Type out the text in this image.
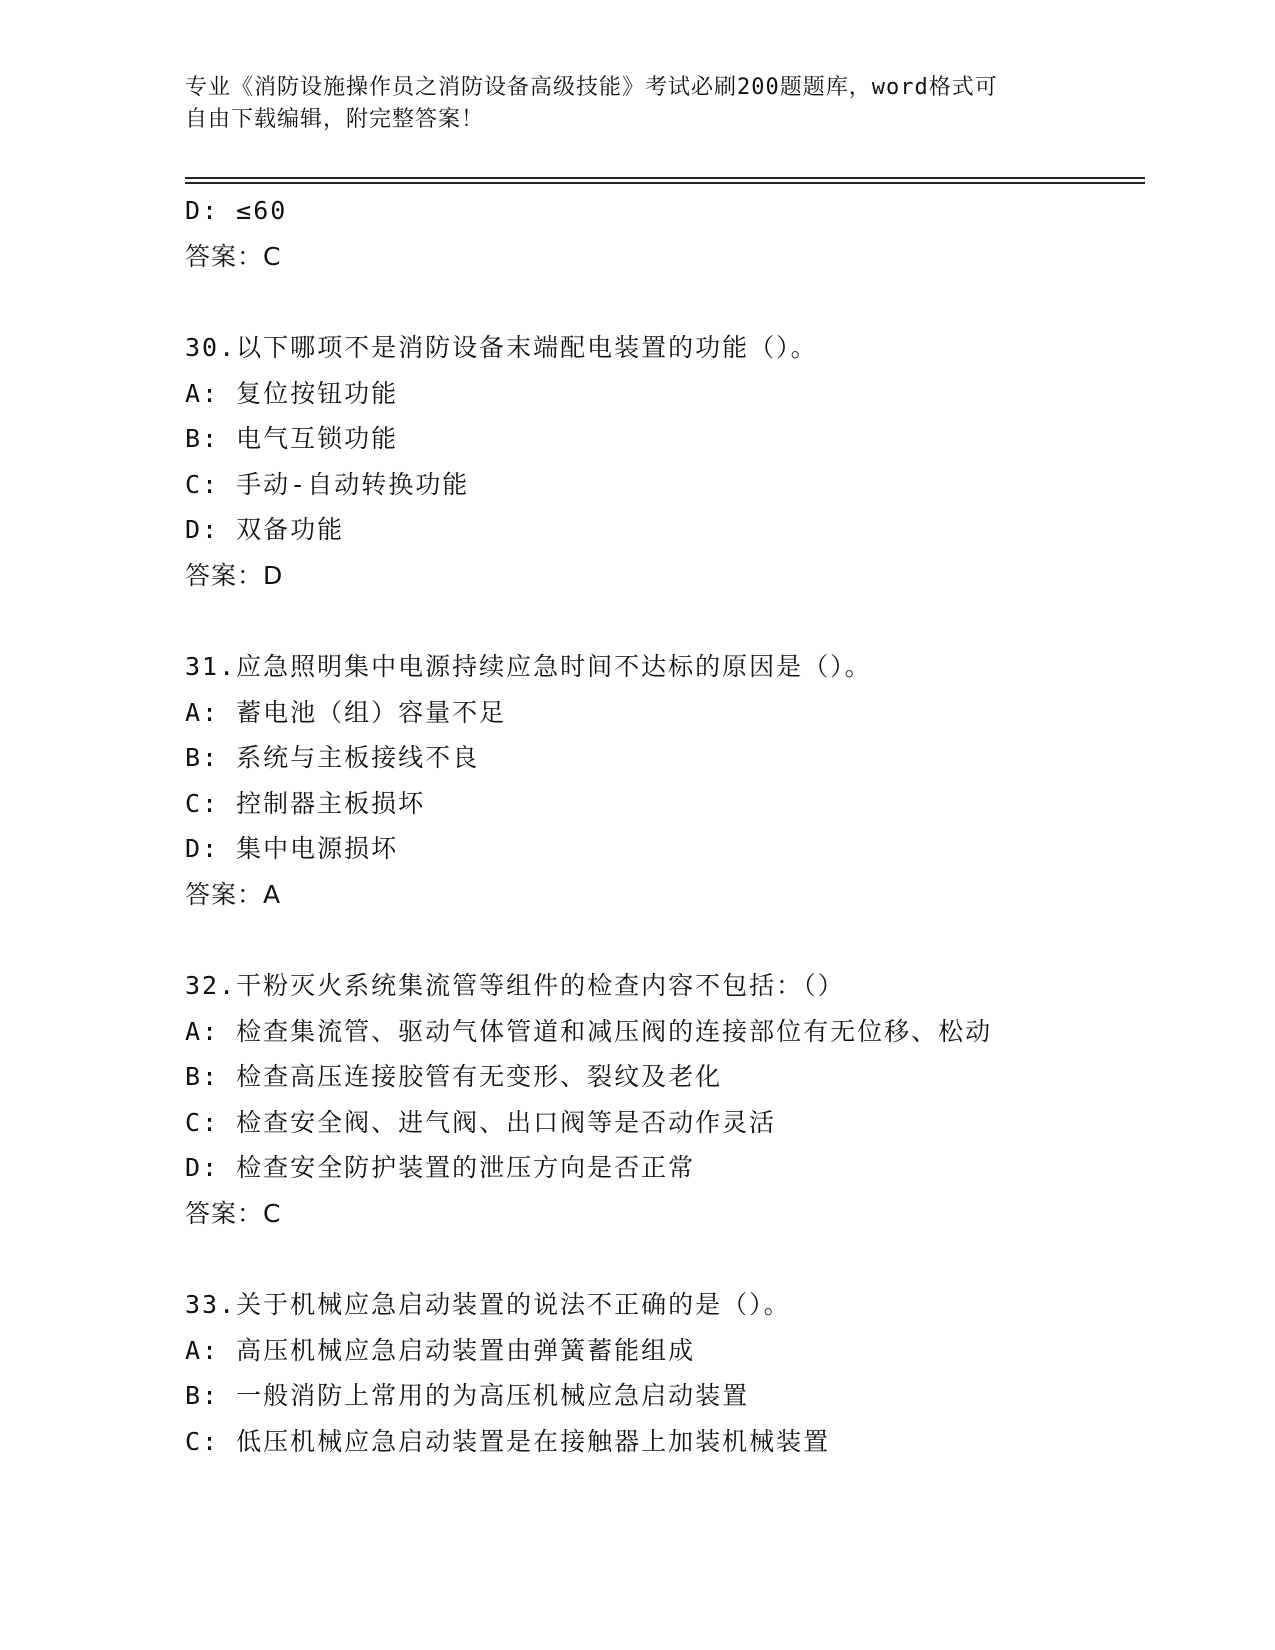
专业《消防设施操作员之消防设备高级技能》考试必刷200题题库，word格式可
自由下载编辑，附完整答案！
D: ≤60
答案：C
30.以下哪项不是消防设备末端配电装置的功能（）。
A: 复位按钮功能
B: 电气互锁功能
C: 手动-自动转换功能
D: 双备功能
答案：D
31.应急照明集中电源持续应急时间不达标的原因是（）。
A: 蓄电池（组）容量不足
B: 系统与主板接线不良
C: 控制器主板损坏
D: 集中电源损坏
答案：A
32.干粉灭火系统集流管等组件的检查内容不包括：（）
A: 检查集流管、驱动气体管道和减压阀的连接部位有无位移、松动
B: 检查高压连接胶管有无变形、裂纹及老化
C: 检查安全阀、进气阀、出口阀等是否动作灵活
D: 检查安全防护装置的泄压方向是否正常
答案：C
33.关于机械应急启动装置的说法不正确的是（）。
A: 高压机械应急启动装置由弹簧蓄能组成
B: 一般消防上常用的为高压机械应急启动装置
C: 低压机械应急启动装置是在接触器上加装机械装置
